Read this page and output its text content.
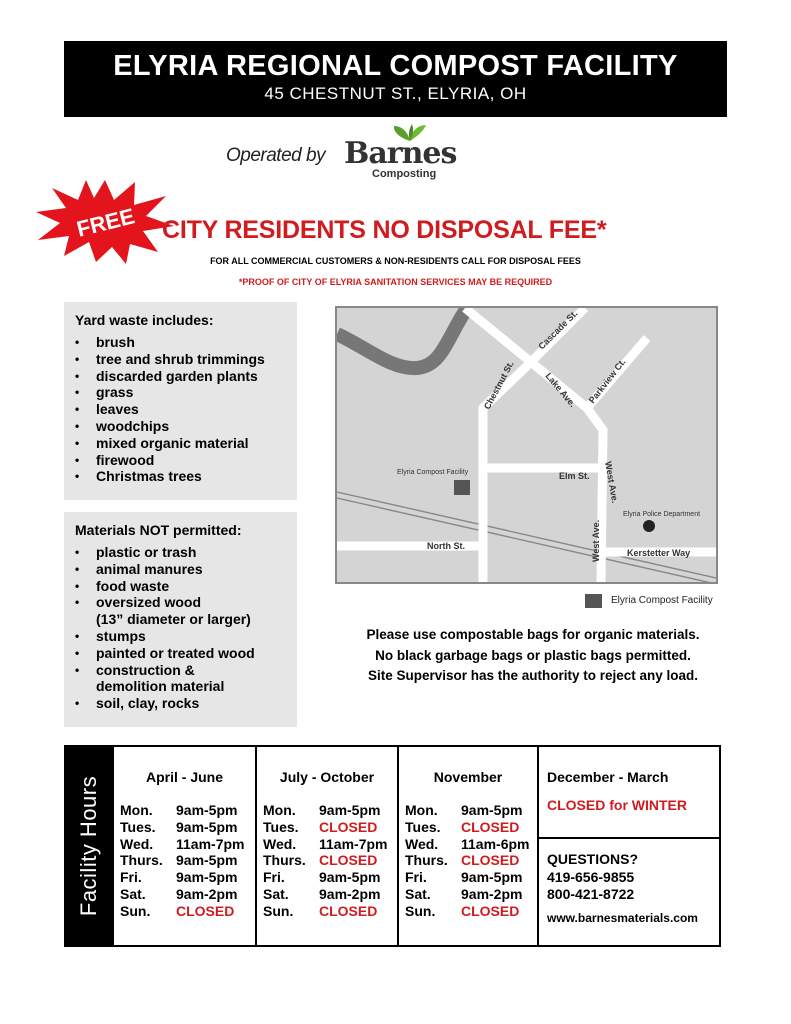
ELYRIA REGIONAL COMPOST FACILITY
45 CHESTNUT ST., ELYRIA, OH
Operated by Barnes
Composting
FREE CITY RESIDENTS NO DISPOSAL FEE*
FOR ALL COMMERCIAL CUSTOMERS & NON-RESIDENTS CALL FOR DISPOSAL FEES
*PROOF OF CITY OF ELYRIA SANITATION SERVICES MAY BE REQUIRED
Yard waste includes:
• brush
• tree and shrub trimmings
• discarded garden plants
• grass
• leaves
• woodchips
• mixed organic material
• firewood
• Christmas trees
Materials NOT permitted:
• plastic or trash
• animal manures
• food waste
• oversized wood
(13” diameter or larger)
• stumps
• painted or treated wood
• construction &
demolition material
• soil, clay, rocks
Cascade St.
Chestnut St.	Lake Ave. Parkview Ct.
Elm St. West Ave.
West Ave.
North St.
Kerstetter Way
Elyria Compost Facility
Elyria Police Department
Elyria Compost Facility
Please use compostable bags for organic materials.
No black garbage bags or plastic bags permitted.
Site Supervisor has the authority to reject any load.
Facility Hours	April - June
Mon. 9am-5pm
Tues. 9am-5pm
Wed. 11am-7pm
Thurs. 9am-5pm
Fri. 9am-5pm
Sat. 9am-2pm
Sun. CLOSED
July - October
Mon. 9am-5pm
Tues. CLOSED
Wed. 11am-7pm
Thurs. CLOSED
Fri. 9am-5pm
Sat. 9am-2pm
Sun. CLOSED
November
Mon. 9am-5pm
Tues. CLOSED
Wed. 11am-6pm
Thurs. CLOSED
Fri. 9am-5pm
Sat. 9am-2pm
Sun. CLOSED
December - March
CLOSED for WINTER
QUESTIONS?
419-656-9855
800-421-8722
www.barnesmaterials.com
